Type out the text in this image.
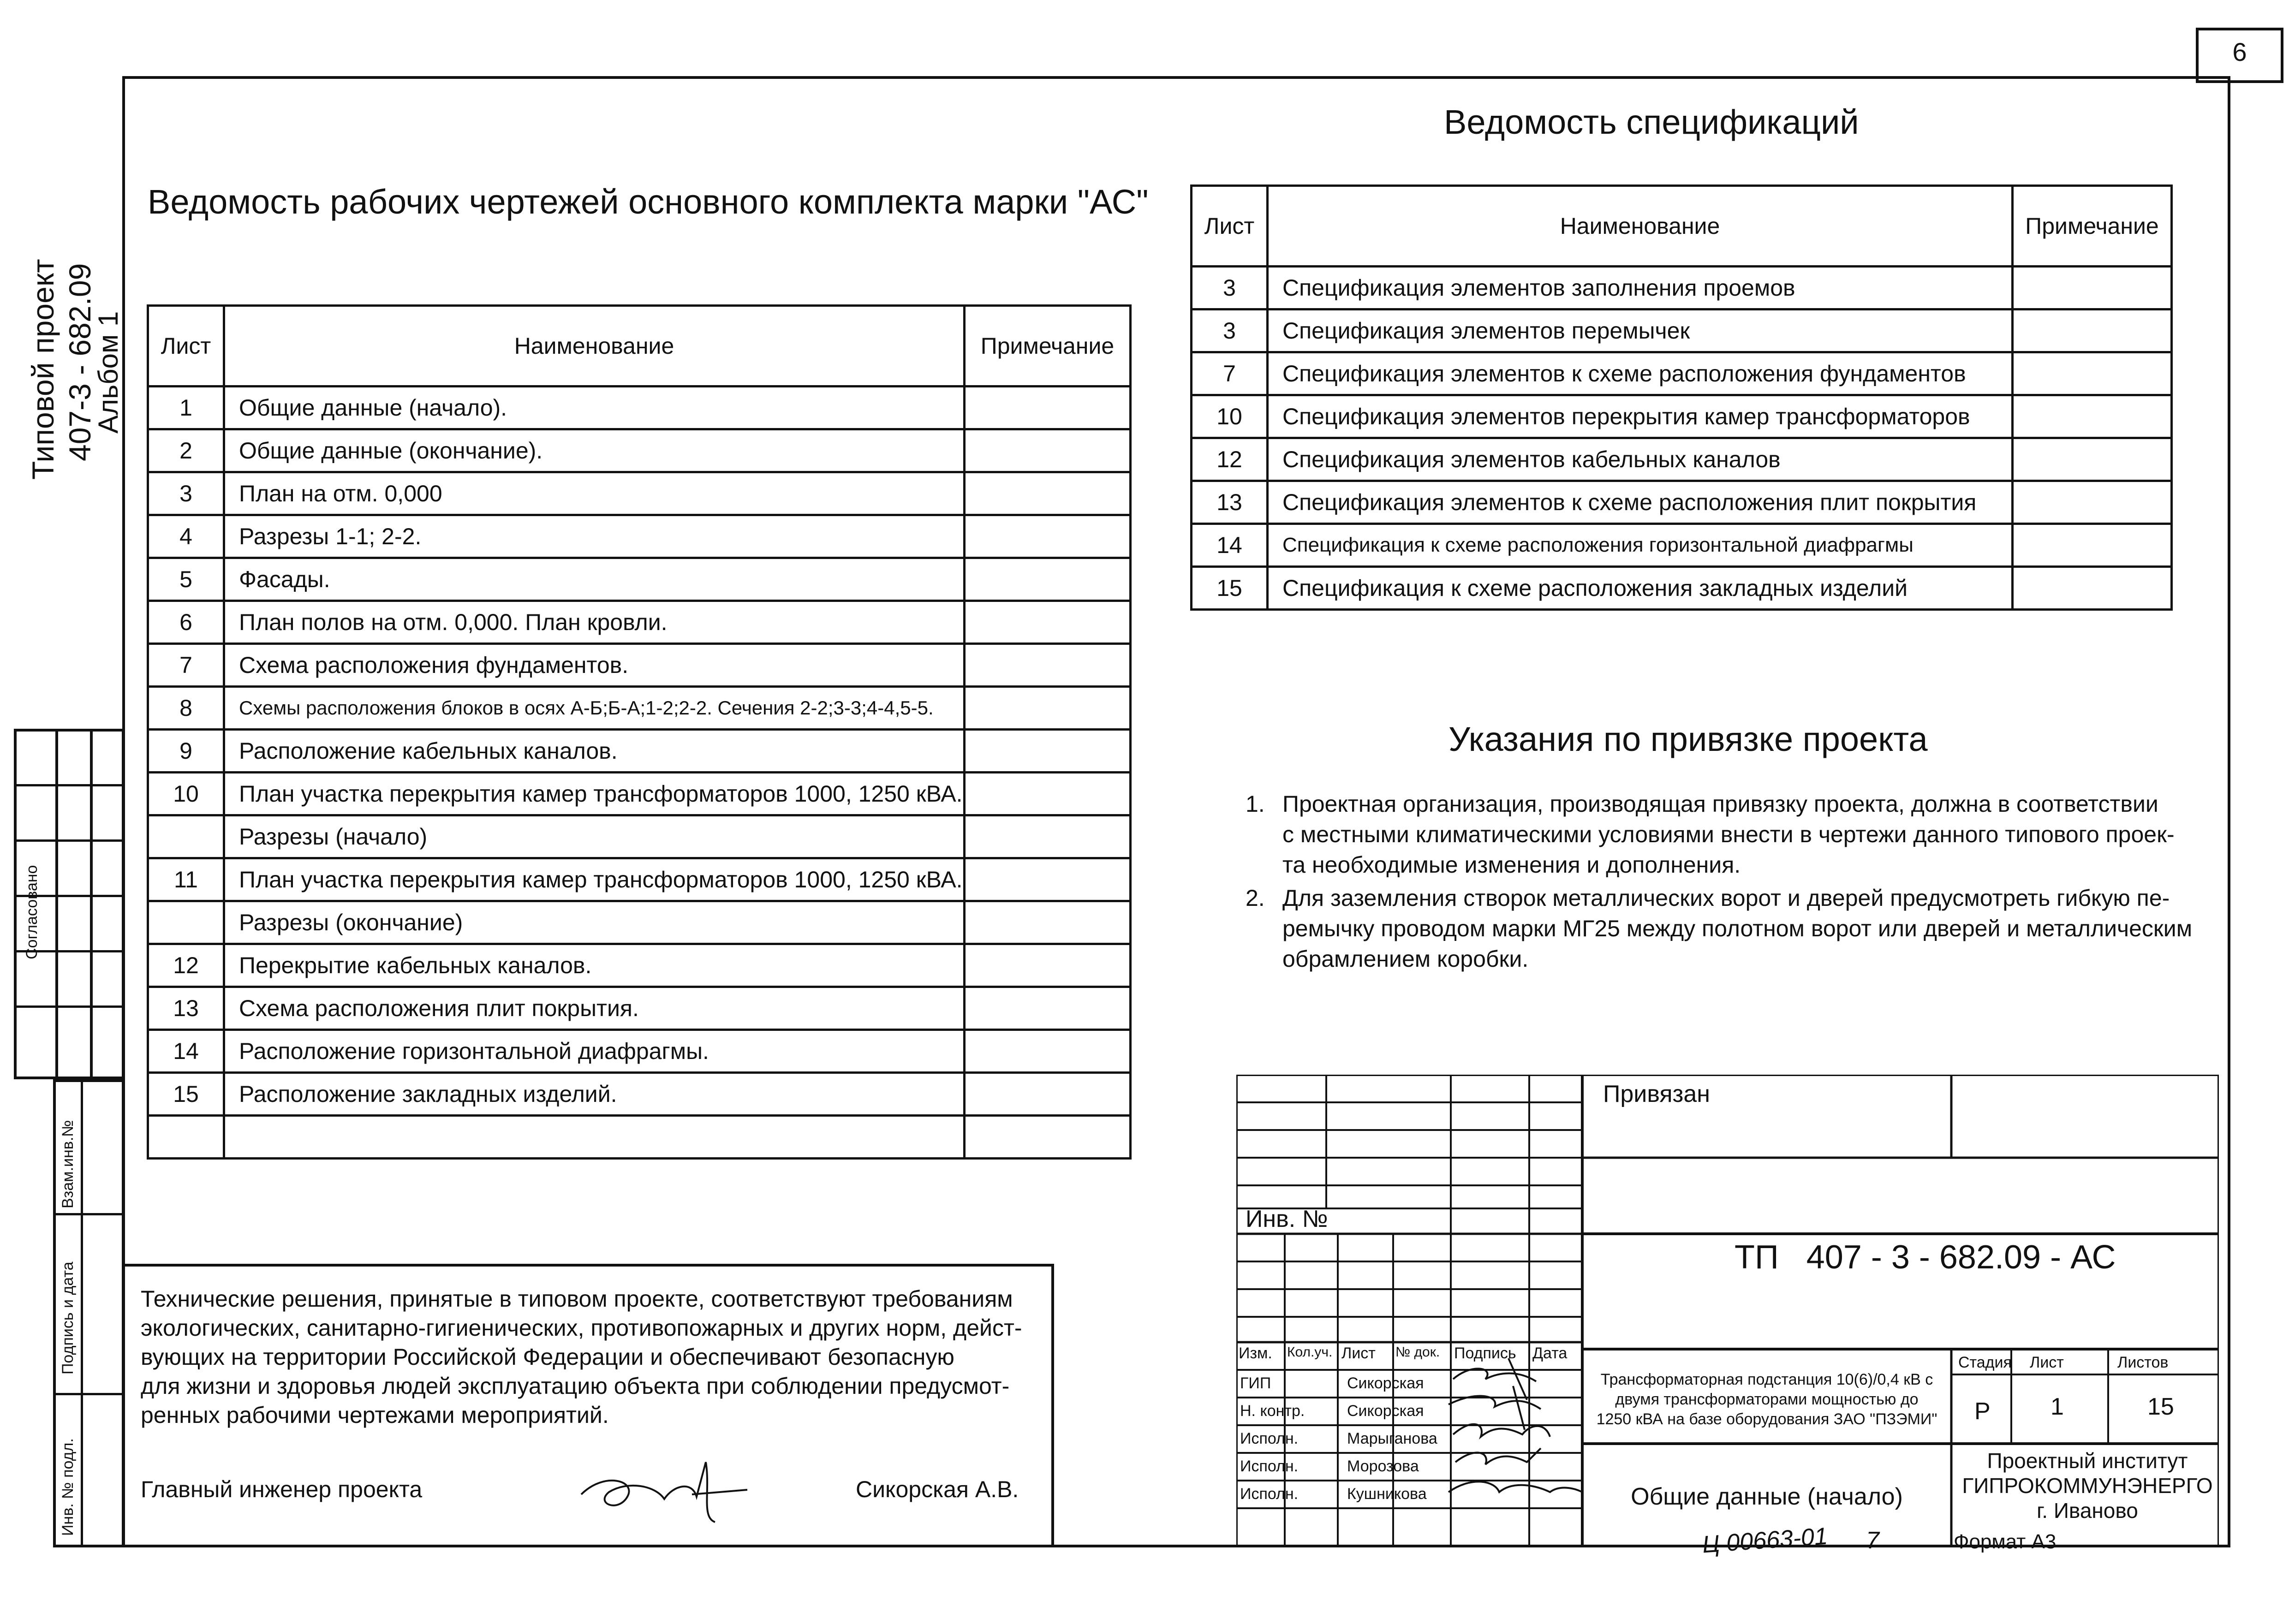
6
Типовой проект 407-3 - 682.09
Альбом 1
Согласовано
Взам.инв.№
Подпись и дата
Инв. № подл.
Ведомость рабочих чертежей основного комплекта марки "АС"
Лист	Наименование	Примечание
1	Общие данные (начало).	
2	Общие данные (окончание).	
3	План на отм. 0,000	
4	Разрезы 1-1; 2-2.	
5	Фасады.	
6	План полов на отм. 0,000. План кровли.	
7	Схема расположения фундаментов.	
8	Схемы расположения блоков в осях А-Б;Б-А;1-2;2-2. Сечения 2-2;3-3;4-4,5-5.	
9	Расположение кабельных каналов.	
10	План участка перекрытия камер трансформаторов 1000, 1250 кВА.	
	Разрезы (начало)	
11	План участка перекрытия камер трансформаторов 1000, 1250 кВА.	
	Разрезы (окончание)	
12	Перекрытие кабельных каналов.	
13	Схема расположения плит покрытия.	
14	Расположение горизонтальной диафрагмы.	
15	Расположение закладных изделий.	

Ведомость спецификаций
Лист	Наименование	Примечание
3	Спецификация элементов заполнения проемов	
3	Спецификация элементов перемычек	
7	Спецификация элементов к схеме расположения фундаментов	
10	Спецификация элементов перекрытия камер трансформаторов	
12	Спецификация элементов кабельных каналов	
13	Спецификация элементов к схеме расположения плит покрытия	
14	Спецификация к схеме расположения горизонтальной диафрагмы	
15	Спецификация к схеме расположения закладных изделий	
Указания по привязке проекта
1. Проектная организация, производящая привязку проекта, должна в соответствии
с местными климатическими условиями внести в чертежи данного типового проек-
та необходимые изменения и дополнения.
2. Для заземления створок металлических ворот и дверей предусмотреть гибкую пе-
ремычку проводом марки МГ25 между полотном ворот или дверей и металлическим
обрамлением коробки.
Технические решения, принятые в типовом проекте, соответствуют требованиям
экологических, санитарно-гигиенических, противопожарных и других норм, дейст-
вующих на территории Российской Федерации и обеспечивают безопасную
для жизни и здоровья людей эксплуатацию объекта при соблюдении предусмот-
ренных рабочими чертежами мероприятий.
Главный инженер проекта	Сикорская А.В.
Привязан
Инв. №
ТП   407 - 3 - 682.09 - АС
Изм. Кол.уч. Лист № док. Подпись Дата
ГИП	Сикорская
Н. контр.	Сикорская
Исполн.	Марыганова
Исполн.	Морозова
Исполн.	Кушникова
Трансформаторная подстанция 10(6)/0,4 кВ с
двумя трансформаторами мощностью до
1250 кВА на базе оборудования ЗАО "ПЗЭМИ"
Стадия Лист	Листов
Р	1	15
Общие данные (начало)
Проектный институт
ГИПРОКОММУНЭНЕРГО
г. Иваново
Ц 00663-01 7	Формат А3
